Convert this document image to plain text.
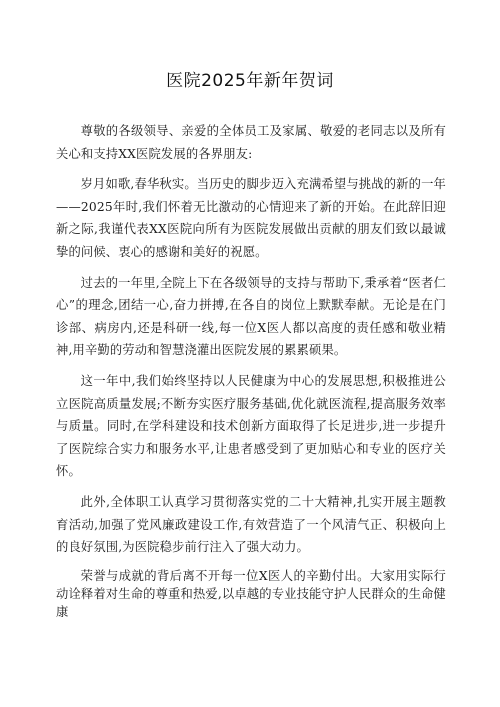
医院2025年新年贺词

尊敬的各级领导、亲爱的全体员工及家属、敬爱的老同志以及所有关心和支持XX医院发展的各界朋友:

岁月如歌,春华秋实。当历史的脚步迈入充满希望与挑战的新的一年——2025年时,我们怀着无比激动的心情迎来了新的开始。在此辞旧迎新之际,我谨代表XX医院向所有为医院发展做出贡献的朋友们致以最诚挚的问候、衷心的感谢和美好的祝愿。

过去的一年里,全院上下在各级领导的支持与帮助下,秉承着“医者仁心”的理念,团结一心,奋力拼搏,在各自的岗位上默默奉献。无论是在门诊部、病房内,还是科研一线,每一位X医人都以高度的责任感和敬业精神,用辛勤的劳动和智慧浇灌出医院发展的累累硕果。

这一年中,我们始终坚持以人民健康为中心的发展思想,积极推进公立医院高质量发展;不断夯实医疗服务基础,优化就医流程,提高服务效率与质量。同时,在学科建设和技术创新方面取得了长足进步,进一步提升了医院综合实力和服务水平,让患者感受到了更加贴心和专业的医疗关怀。

此外,全体职工认真学习贯彻落实党的二十大精神,扎实开展主题教育活动,加强了党风廉政建设工作,有效营造了一个风清气正、积极向上的良好氛围,为医院稳步前行注入了强大动力。

荣誉与成就的背后离不开每一位X医人的辛勤付出。大家用实际行动诠释着对生命的尊重和热爱,以卓越的专业技能守护人民群众的生命健康
